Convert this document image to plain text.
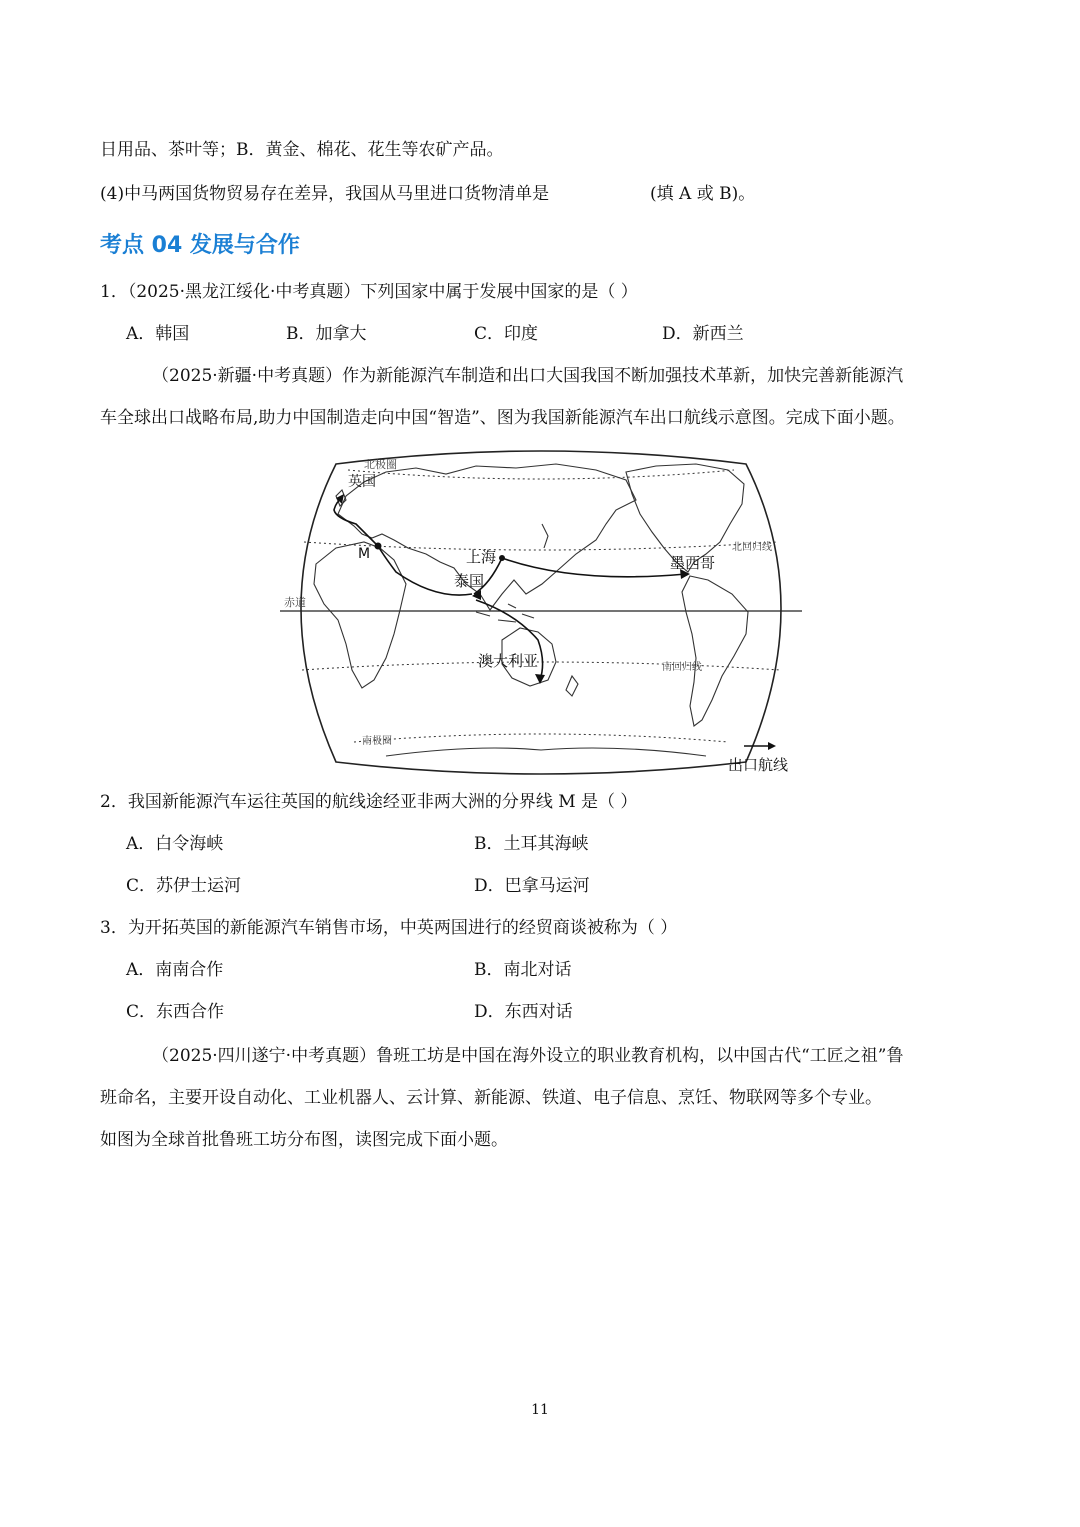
日用品、茶叶等；B．黄金、棉花、花生等农矿产品。
(4)中马两国货物贸易存在差异，我国从马里进口货物清单是	(填 A 或 B)。
考点 04 发展与合作
1．（2025·黑龙江绥化·中考真题）下列国家中属于发展中国家的是（ ）
A．韩国	B．加拿大	C．印度	D．新西兰
（2025·新疆·中考真题）作为新能源汽车制造和出口大国我国不断加强技术革新，加快完善新能源汽
车全球出口战略布局,助力中国制造走向中国“智造”、图为我国新能源汽车出口航线示意图。完成下面小题。
北极圈
英国
M	上海
泰国
墨西哥
北回归线
赤道
澳大利亚	南回归线
南极圈
出口航线
2．我国新能源汽车运往英国的航线途经亚非两大洲的分界线 M 是（ ）
A．白令海峡	B．土耳其海峡
C．苏伊士运河	D．巴拿马运河
3．为开拓英国的新能源汽车销售市场，中英两国进行的经贸商谈被称为（ ）
A．南南合作	B．南北对话
C．东西合作	D．东西对话
（2025·四川遂宁·中考真题）鲁班工坊是中国在海外设立的职业教育机构，以中国古代“工匠之祖”鲁
班命名，主要开设自动化、工业机器人、云计算、新能源、铁道、电子信息、烹饪、物联网等多个专业。
如图为全球首批鲁班工坊分布图，读图完成下面小题。
11
